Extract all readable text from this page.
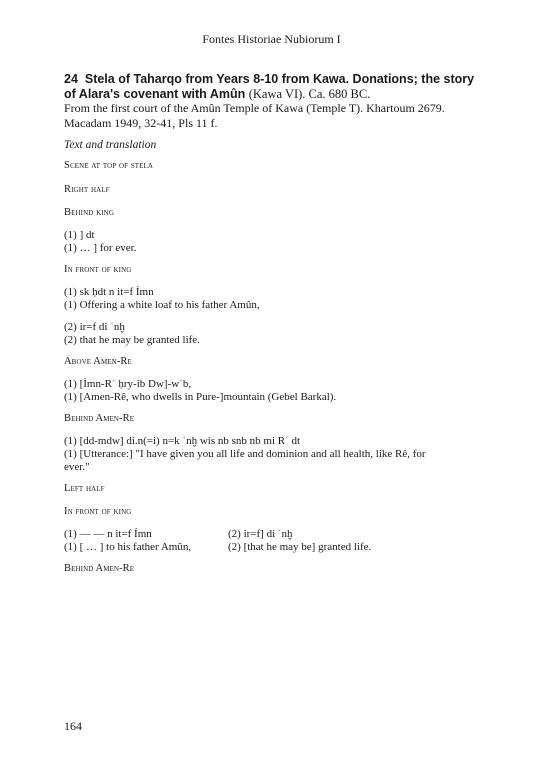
Fontes Historiae Nubiorum I
24 Stela of Taharqo from Years 8-10 from Kawa. Donations; the story of Alara's covenant with Amûn (Kawa VI). Ca. 680 BC.
From the first court of the Amûn Temple of Kawa (Temple T). Khartoum 2679.
Macadam 1949, 32-41, Pls 11 f.
Text and translation
Scene at top of stela
Right half
Behind king
(1) ] dt
(1) … ] for ever.
In front of king
(1) sk ḥdt n it=f Ỉmn
(1) Offering a white loaf to his father Amûn,
(2) ir=f di ʿnḫ
(2) that he may be granted life.
Above Amen-Re
(1) [Ỉmn-Rʿ ḥry-ib Dw]-wʿb,
(1) [Amen-Rê, who dwells in Pure-]mountain (Gebel Barkal).
Behind Amen-Re
(1) [dd-mdw] di.n(=i) n=k ʿnḫ wis nb snb nb mi Rʿ dt
(1) [Utterance:] "I have given you all life and dominion and all health, like Rê, for
ever."
Left half
In front of king
(1) — — n it=f Ỉmn
(1) [ … ] to his father Amûn,
(2) ir=f] di ʿnḫ
(2) [that he may be] granted life.
Behind Amen-Re
164
